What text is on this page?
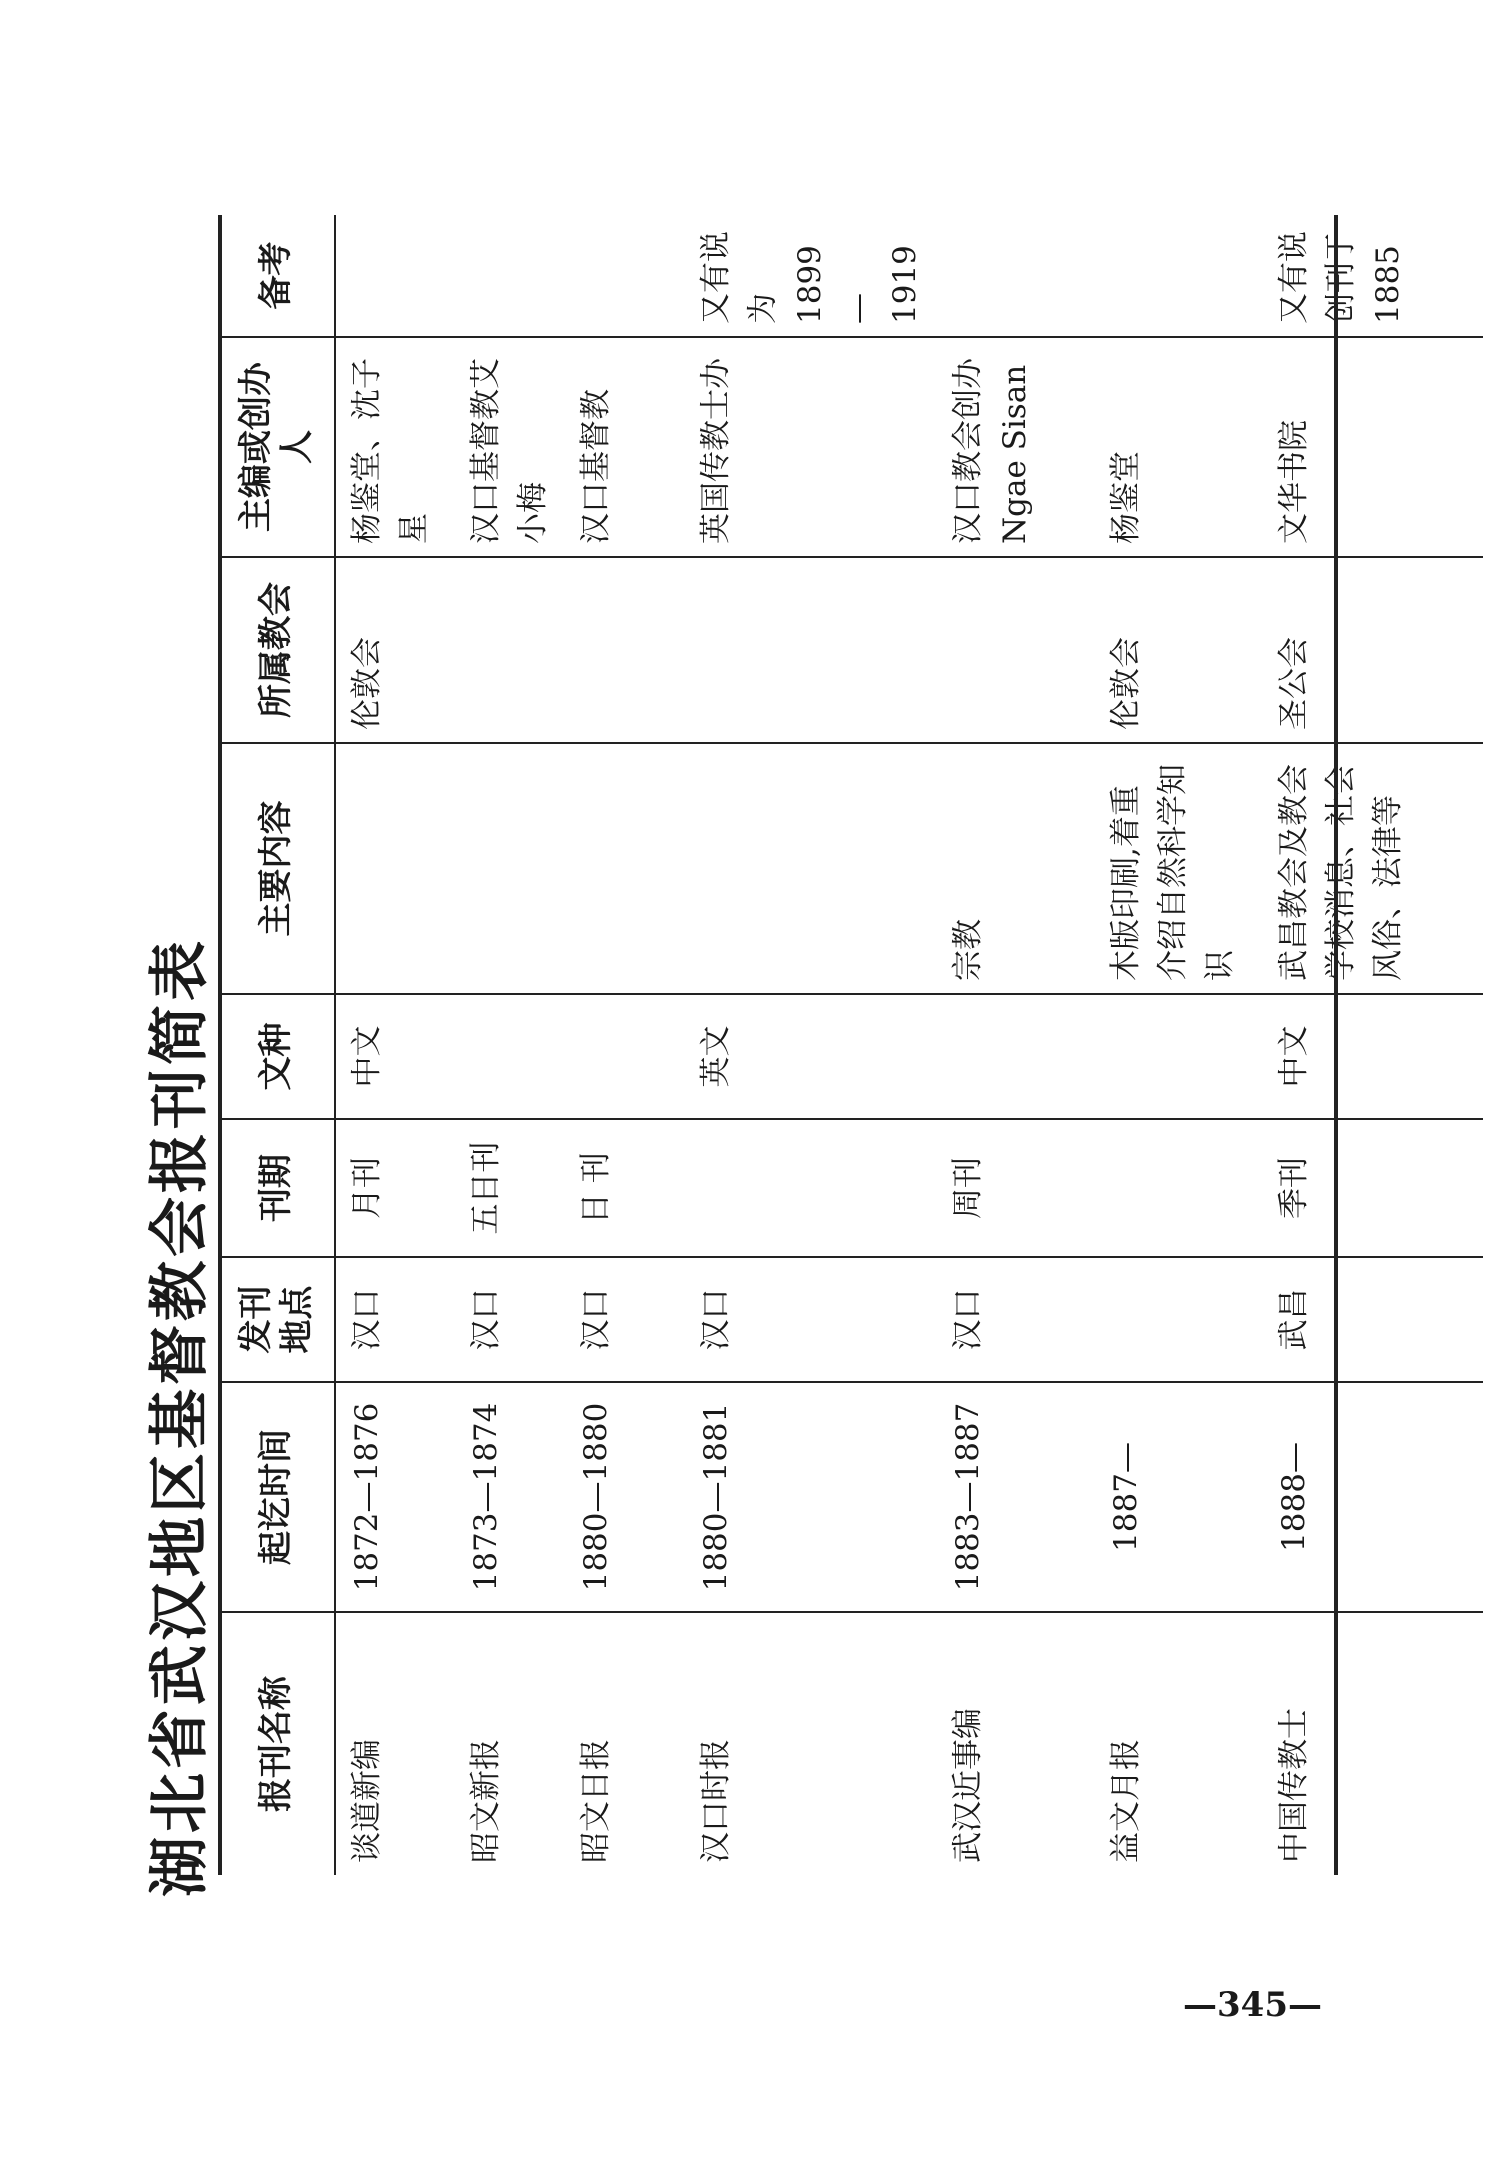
湖北省武汉地区基督教会报刊简表 报刊名称	起讫时间	发刊地点	刊期	文种	主要内容	所属教会	主编或创办人	备考
谈道新编	1872—1876	汉口	月刊	中文		伦敦会	杨鉴堂、沈子星	
昭文新报	1873—1874	汉口	五日刊				汉口基督教艾小梅	
昭文日报	1880—1880	汉口	日 刊				汉口基督教	
汉口时报	1880—1881	汉口		英文			英国传教士办	又有说为1899—1919
武汉近事编	1883—1887	汉口	周刊		宗教		汉口教会创办 Ngae Sisan	
益文月报	1887—				木版印刷,着重介绍自然科学知识	伦敦会	杨鉴堂	
中国传教士	1888—	武昌	季刊	中文	武昌教会及教会学校消息、社会风俗、法律等	圣公会	文华书院	又有说创刊于1885
—345—
